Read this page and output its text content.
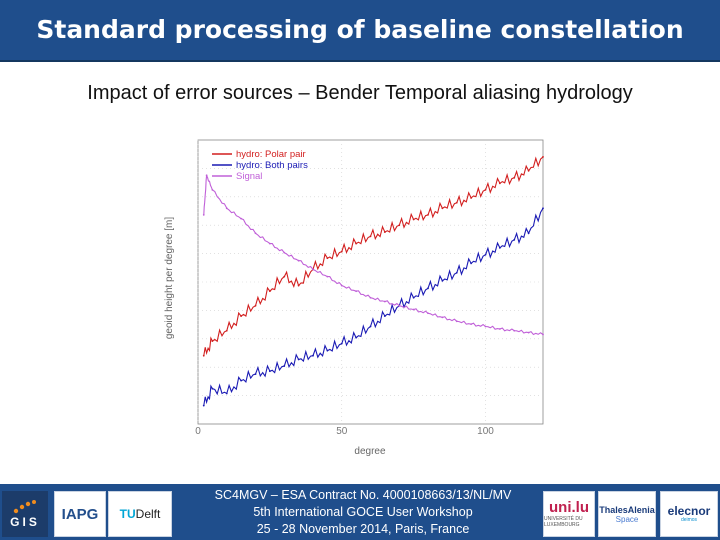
Standard processing of baseline constellation
Impact of error sources – Bender Temporal aliasing hydrology
hydro: Polar pair
hydro: Both pairs
Signal
0	50	100
geoid height per degree [m]
degree
GIS IAPG TU Delft
SC4MGV – ESA Contract No. 4000108663/13/NL/MV
5th International GOCE User Workshop
25 - 28 November 2014, Paris, France
uni.lu
UNIVERSITÉ DU LUXEMBOURG
ThalesAlenia
Space
elecnor
deimos
